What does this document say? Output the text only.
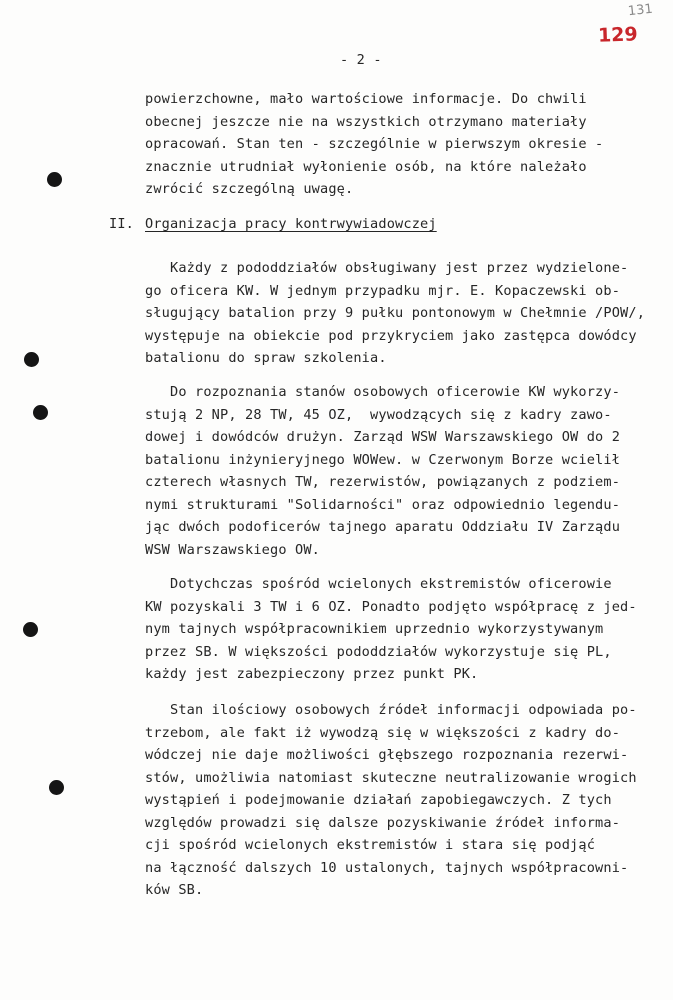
131
129
- 2 -
powierzchowne, mało wartościowe informacje. Do chwili
obecnej jeszcze nie na wszystkich otrzymano materiały
opracowań. Stan ten - szczególnie w pierwszym okresie -
znacznie utrudniał wyłonienie osób, na które należało
zwrócić szczególną uwagę.
II. Organizacja pracy kontrwywiadowczej
Każdy z pododdziałów obsługiwany jest przez wydzielone-
go oficera KW. W jednym przypadku mjr. E. Kopaczewski ob-
sługujący batalion przy 9 pułku pontonowym w Chełmnie /POW/,
występuje na obiekcie pod przykryciem jako zastępca dowódcy
batalionu do spraw szkolenia.
Do rozpoznania stanów osobowych oficerowie KW wykorzy-
stują 2 NP, 28 TW, 45 OZ,  wywodzących się z kadry zawo-
dowej i dowódców drużyn. Zarząd WSW Warszawskiego OW do 2
batalionu inżynieryjnego WOWew. w Czerwonym Borze wcielił
czterech własnych TW, rezerwistów, powiązanych z podziem-
nymi strukturami "Solidarności" oraz odpowiednio legendu-
jąc dwóch podoficerów tajnego aparatu Oddziału IV Zarządu
WSW Warszawskiego OW.
Dotychczas spośród wcielonych ekstremistów oficerowie
KW pozyskali 3 TW i 6 OZ. Ponadto podjęto współpracę z jed-
nym tajnych współpracownikiem uprzednio wykorzystywanym
przez SB. W większości pododdziałów wykorzystuje się PL,
każdy jest zabezpieczony przez punkt PK.
Stan ilościowy osobowych źródeł informacji odpowiada po-
trzebom, ale fakt iż wywodzą się w większości z kadry do-
wódczej nie daje możliwości głębszego rozpoznania rezerwi-
stów, umożliwia natomiast skuteczne neutralizowanie wrogich
wystąpień i podejmowanie działań zapobiegawczych. Z tych
względów prowadzi się dalsze pozyskiwanie źródeł informa-
cji spośród wcielonych ekstremistów i stara się podjąć
na łączność dalszych 10 ustalonych, tajnych współpracowni-
ków SB.
